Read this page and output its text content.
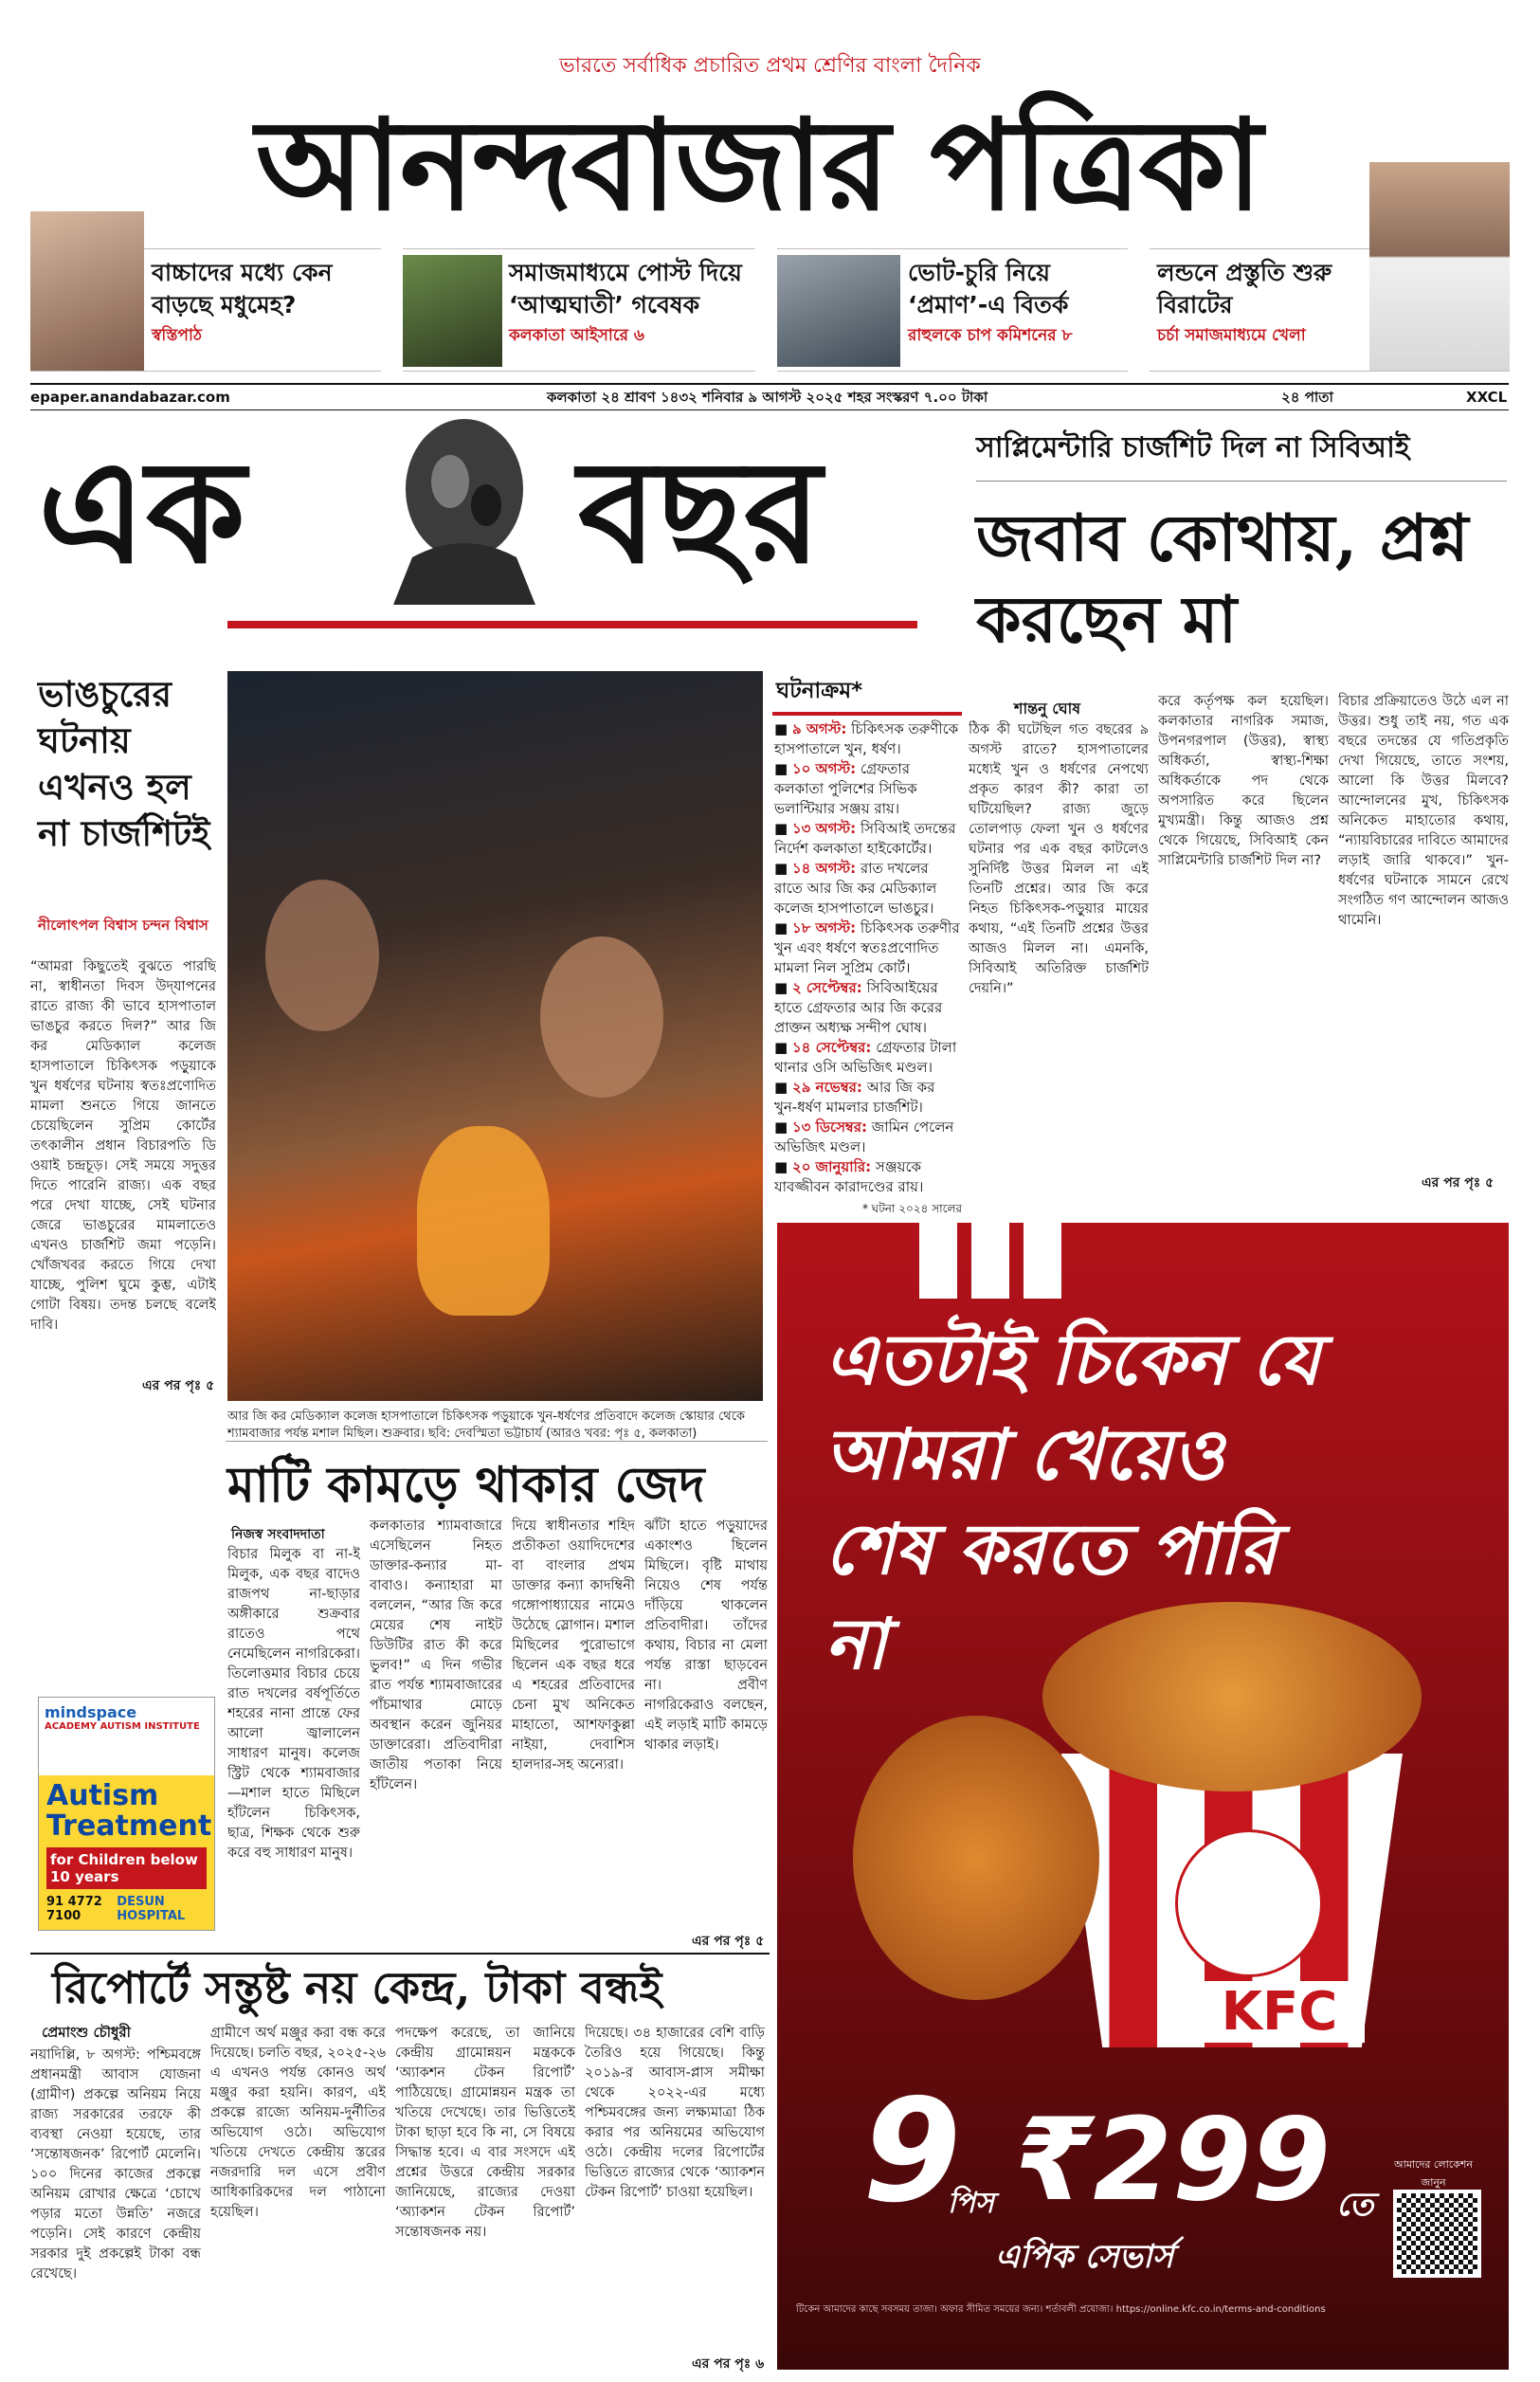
ভারতে সর্বাধিক প্রচারিত প্রথম শ্রেণির বাংলা দৈনিক
আনন্দবাজার পত্রিকা
বাচ্চাদের মধ্যে কেন বাড়ছে মধুমেহ?
স্বস্তিপাঠ
সমাজমাধ্যমে পোস্ট দিয়ে ‘আত্মঘাতী’ গবেষক
কলকাতা আইসারে ৬
ভোট-চুরি নিয়ে ‘প্রমাণ’-এ বিতর্ক
রাহুলকে চাপ কমিশনের ৮
লন্ডনে প্রস্তুতি শুরু বিরাটের
চর্চা সমাজমাধ্যমে খেলা
epaper.anandabazar.com	কলকাতা ২৪ শ্রাবণ ১৪৩২ শনিবার ৯ আগস্ট ২০২৫ শহর সংস্করণ ৭.০০ টাকা	২৪ পাতা	XXCL
এক বছর	সাপ্লিমেন্টারি চার্জশিট দিল না সিবিআই
জবাব কোথায়, প্রশ্ন করছেন মা
ভাঙচুরের ঘটনায় এখনও হল না চার্জশিটই
নীলোৎপল বিশ্বাস চন্দন বিশ্বাস
“আমরা কিছুতেই বুঝতে পারছি না, স্বাধীনতা দিবস উদ্‌যাপনের রাতে রাজ্য কী ভাবে হাসপাতাল ভাঙচুর করতে দিল?” আর জি কর মেডিক্যাল কলেজ হাসপাতালে চিকিৎসক পড়ুয়াকে খুন ধর্ষণের ঘটনায় স্বতঃপ্রণোদিত মামলা শুনতে গিয়ে জানতে চেয়েছিলেন সুপ্রিম কোর্টের তৎকালীন প্রধান বিচারপতি ডি ওয়াই চন্দ্রচূড়। সেই সময়ে সদুত্তর দিতে পারেনি রাজ্য। এক বছর পরে দেখা যাচ্ছে, সেই ঘটনার জেরে ভাঙচুরের মামলাতেও এখনও চার্জশিট জমা পড়েনি। খোঁজখবর করতে গিয়ে দেখা যাচ্ছে, পুলিশ ঘুমে কুম্ভ, এটাই গোটা বিষয়। তদন্ত চলছে বলেই দাবি।
এর পর পৃঃ ৫
আর জি কর মেডিক্যাল কলেজ হাসপাতালে চিকিৎসক পড়ুয়াকে খুন-ধর্ষণের প্রতিবাদে কলেজ স্কোয়ার থেকে শ্যামবাজার পর্যন্ত মশাল মিছিল। শুক্রবার। ছবি: দেবস্মিতা ভট্টাচার্য (আরও খবর: পৃঃ ৫, কলকাতা)
ঘটনাক্রম*
■ ৯ অগস্ট: চিকিৎসক তরুণীকে হাসপাতালে খুন, ধর্ষণ।
■ ১০ অগস্ট: গ্রেফতার কলকাতা পুলিশের সিভিক ভলান্টিয়ার সঞ্জয় রায়।
■ ১৩ অগস্ট: সিবিআই তদন্তের নির্দেশ কলকাতা হাইকোর্টের।
■ ১৪ অগস্ট: রাত দখলের রাতে আর জি কর মেডিক্যাল কলেজ হাসপাতালে ভাঙচুর।
■ ১৮ অগস্ট: চিকিৎসক তরুণীর খুন এবং ধর্ষণে স্বতঃপ্রণোদিত মামলা নিল সুপ্রিম কোর্ট।
■ ২ সেপ্টেম্বর: সিবিআইয়ের হাতে গ্রেফতার আর জি করের প্রাক্তন অধ্যক্ষ সন্দীপ ঘোষ।
■ ১৪ সেপ্টেম্বর: গ্রেফতার টালা থানার ওসি অভিজিৎ মণ্ডল।
■ ২৯ নভেম্বর: আর জি কর খুন-ধর্ষণ মামলার চার্জশিট।
■ ১৩ ডিসেম্বর: জামিন পেলেন অভিজিৎ মণ্ডল।
■ ২০ জানুয়ারি: সঞ্জয়কে যাবজ্জীবন কারাদণ্ডের রায়।
* ঘটনা ২০২৪ সালের
শান্তনু ঘোষ
ঠিক কী ঘটেছিল গত বছরের ৯ অগস্ট রাতে? হাসপাতালের মধ্যেই খুন ও ধর্ষণের নেপথ্যে প্রকৃত কারণ কী? কারা তা ঘটিয়েছিল? রাজ্য জুড়ে তোলপাড় ফেলা খুন ও ধর্ষণের ঘটনার পর এক বছর কাটলেও সুনির্দিষ্ট উত্তর মিলল না এই তিনটি প্রশ্নের। আর জি করে নিহত চিকিৎসক-পড়ুয়ার মায়ের কথায়, “এই তিনটি প্রশ্নের উত্তর আজও মিলল না। এমনকি, সিবিআই অতিরিক্ত চার্জশিট দেয়নি।”
করে কর্তৃপক্ষ কল হয়েছিল। কলকাতার নাগরিক সমাজ, উপনগরপাল (উত্তর), স্বাস্থ্য অধিকর্তা, স্বাস্থ্য-শিক্ষা অধিকর্তাকে পদ থেকে অপসারিত করে ছিলেন মুখ্যমন্ত্রী। কিন্তু আজও প্রশ্ন থেকে গিয়েছে, সিবিআই কেন সাপ্লিমেন্টারি চার্জশিট দিল না?
বিচার প্রক্রিয়াতেও উঠে এল না উত্তর। শুধু তাই নয়, গত এক বছরে তদন্তের যে গতিপ্রকৃতি দেখা গিয়েছে, তাতে সংশয়, আলো কি উত্তর মিলবে? আন্দোলনের মুখ, চিকিৎসক অনিকেত মাহাতোর কথায়, “ন্যায়বিচারের দাবিতে আমাদের লড়াই জারি থাকবে।” খুন-ধর্ষণের ঘটনাকে সামনে রেখে সংগঠিত গণ আন্দোলন আজও থামেনি।
এর পর পৃঃ ৫
মাটি কামড়ে থাকার জেদ
নিজস্ব সংবাদদাতা
বিচার মিলুক বা না-ই মিলুক, এক বছর বাদেও রাজপথ না-ছাড়ার অঙ্গীকারে শুক্রবার রাতেও পথে নেমেছিলেন নাগরিকেরা। তিলোত্তমার বিচার চেয়ে রাত দখলের বর্ষপূর্তিতে শহরের নানা প্রান্তে ফের আলো জ্বালালেন সাধারণ মানুষ। কলেজ স্ট্রিট থেকে শ্যামবাজার—মশাল হাতে মিছিলে হাঁটলেন চিকিৎসক, ছাত্র, শিক্ষক থেকে শুরু করে বহু সাধারণ মানুষ।
কলকাতার শ্যামবাজারে এসেছিলেন নিহত ডাক্তার-কন্যার মা-বাবাও। কন্যাহারা মা বললেন, “আর জি করে মেয়ের শেষ নাইট ডিউটির রাত কী করে ভুলব!” এ দিন গভীর রাত পর্যন্ত শ্যামবাজারের পাঁচমাথার মোড়ে অবস্থান করেন জুনিয়র ডাক্তারেরা। প্রতিবাদীরা জাতীয় পতাকা নিয়ে হাঁটলেন।
দিয়ে স্বাধীনতার শহিদ প্রতীকতা ওয়াদিদেশের বা বাংলার প্রথম ডাক্তার কন্যা কাদম্বিনী গঙ্গোপাধ্যায়ের নামেও উঠেছে স্লোগান। মশাল মিছিলের পুরোভাগে ছিলেন এক বছর ধরে এ শহরের প্রতিবাদের চেনা মুখ অনিকেত মাহাতো, আশফাকুল্লা নাইয়া, দেবাশিস হালদার-সহ অন্যেরা।
ঝাঁটা হাতে পড়ুয়াদের একাংশও ছিলেন মিছিলে। বৃষ্টি মাথায় নিয়েও শেষ পর্যন্ত দাঁড়িয়ে থাকলেন প্রতিবাদীরা। তাঁদের কথায়, বিচার না মেলা পর্যন্ত রাস্তা ছাড়বেন না। প্রবীণ নাগরিকেরাও বলছেন, এই লড়াই মাটি কামড়ে থাকার লড়াই।
এর পর পৃঃ ৫
mindspace
ACADEMY AUTISM INSTITUTE
Autism Treatment
for Children below 10 years
91 4772 7100
DESUN HOSPITAL
রিপোর্টে সন্তুষ্ট নয় কেন্দ্র, টাকা বন্ধই
প্রেমাংশু চৌধুরী
নয়াদিল্লি, ৮ অগস্ট: পশ্চিমবঙ্গে প্রধানমন্ত্রী আবাস যোজনা (গ্রামীণ) প্রকল্পে অনিয়ম নিয়ে রাজ্য সরকারের তরফে কী ব্যবস্থা নেওয়া হয়েছে, তার ‘সন্তোষজনক’ রিপোর্ট মেলেনি। ১০০ দিনের কাজের প্রকল্পে অনিয়ম রোখার ক্ষেত্রে ‘চোখে পড়ার মতো উন্নতি’ নজরে পড়েনি। সেই কারণে কেন্দ্রীয় সরকার দুই প্রকল্পেই টাকা বন্ধ রেখেছে।
গ্রামীণে অর্থ মঞ্জুর করা বন্ধ করে দিয়েছে। চলতি বছর, ২০২৫-২৬ এ এখনও পর্যন্ত কোনও অর্থ মঞ্জুর করা হয়নি। কারণ, এই প্রকল্পে রাজ্যে অনিয়ম-দুর্নীতির অভিযোগ ওঠে। অভিযোগ খতিয়ে দেখতে কেন্দ্রীয় স্তরের নজরদারি দল এসে প্রবীণ আধিকারিকদের দল পাঠানো হয়েছিল।
পদক্ষেপ করেছে, তা জানিয়ে কেন্দ্রীয় গ্রামোন্নয়ন মন্ত্রককে ‘অ্যাকশন টেকন রিপোর্ট’ পাঠিয়েছে। গ্রামোন্নয়ন মন্ত্রক তা খতিয়ে দেখেছে। তার ভিত্তিতেই টাকা ছাড়া হবে কি না, সে বিষয়ে সিদ্ধান্ত হবে। এ বার সংসদে এই প্রশ্নের উত্তরে কেন্দ্রীয় সরকার জানিয়েছে, রাজ্যের দেওয়া ‘অ্যাকশন টেকন রিপোর্ট’ সন্তোষজনক নয়।
দিয়েছে। ৩৪ হাজারের বেশি বাড়ি তৈরিও হয়ে গিয়েছে। কিন্তু ২০১৯-র আবাস-প্লাস সমীক্ষা থেকে ২০২২-এর মধ্যে পশ্চিমবঙ্গের জন্য লক্ষ্যমাত্রা ঠিক করার পর অনিয়মের অভিযোগ ওঠে। কেন্দ্রীয় দলের রিপোর্টের ভিত্তিতে রাজ্যের থেকে ‘অ্যাকশন টেকন রিপোর্ট’ চাওয়া হয়েছিল।
এর পর পৃঃ ৬
এতটাই চিকেন যে আমরা খেয়েও শেষ করতে পারি না
KFC
9
পিস ₹299 তে
এপিক সেভার্স
আমাদের লোকেশন জানুন
টিকেন আমাদের কাছে সবসময় তাজা। অফার সীমিত সময়ের জন্য। শর্তাবলী প্রযোজ্য। https://online.kfc.co.in/terms-and-conditions
